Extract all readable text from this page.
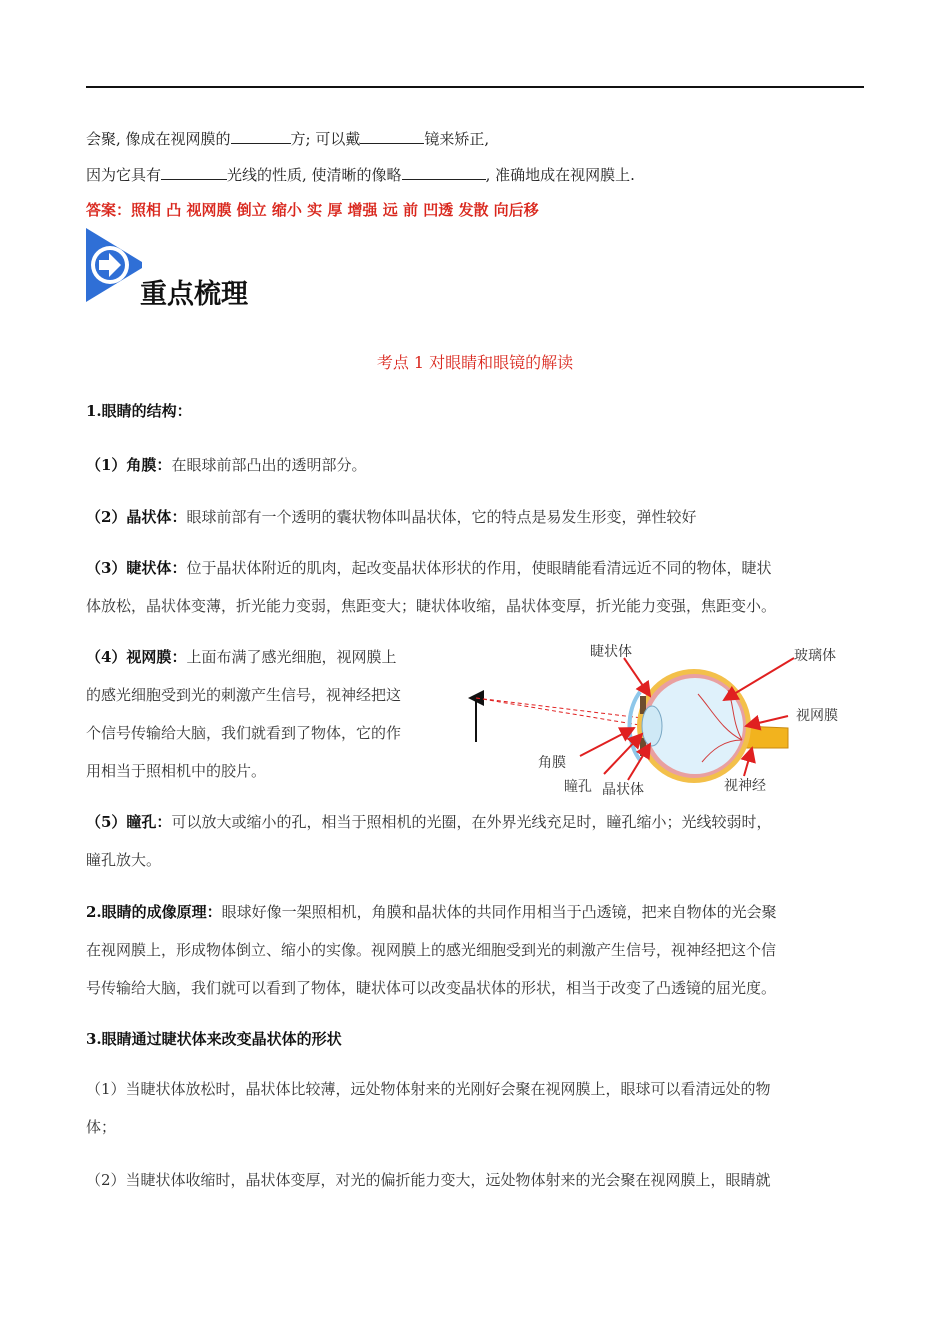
会聚, 像成在视网膜的	方; 可以戴	镜来矫正,
因为它具有	光线的性质, 使清晰的像略	, 准确地成在视网膜上.
答案：照相 凸 视网膜 倒立 缩小 实 厚 增强 远 前 凹透 发散 向后移
重点梳理
考点 1 对眼睛和眼镜的解读
1.眼睛的结构：
（1）角膜：在眼球前部凸出的透明部分。
（2）晶状体：眼球前部有一个透明的囊状物体叫晶状体，它的特点是易发生形变，弹性较好
（3）睫状体：位于晶状体附近的肌肉，起改变晶状体形状的作用，使眼睛能看清远近不同的物体，睫状
体放松，晶状体变薄，折光能力变弱，焦距变大；睫状体收缩，晶状体变厚，折光能力变强，焦距变小。
（4）视网膜：上面布满了感光细胞，视网膜上
的感光细胞受到光的刺激产生信号，视神经把这
个信号传输给大脑，我们就看到了物体，它的作
用相当于照相机中的胶片。
睫状体	玻璃体
视网膜
角膜
瞳孔 晶状体	视神经
（5）瞳孔：可以放大或缩小的孔，相当于照相机的光圈，在外界光线充足时，瞳孔缩小；光线较弱时，
瞳孔放大。
2.眼睛的成像原理：眼球好像一架照相机，角膜和晶状体的共同作用相当于凸透镜，把来自物体的光会聚
在视网膜上，形成物体倒立、缩小的实像。视网膜上的感光细胞受到光的刺激产生信号，视神经把这个信
号传输给大脑，我们就可以看到了物体，睫状体可以改变晶状体的形状，相当于改变了凸透镜的屈光度。
3.眼睛通过睫状体来改变晶状体的形状
（1）当睫状体放松时，晶状体比较薄，远处物体射来的光刚好会聚在视网膜上，眼球可以看清远处的物
体；
（2）当睫状体收缩时，晶状体变厚，对光的偏折能力变大，远处物体射来的光会聚在视网膜上，眼睛就
